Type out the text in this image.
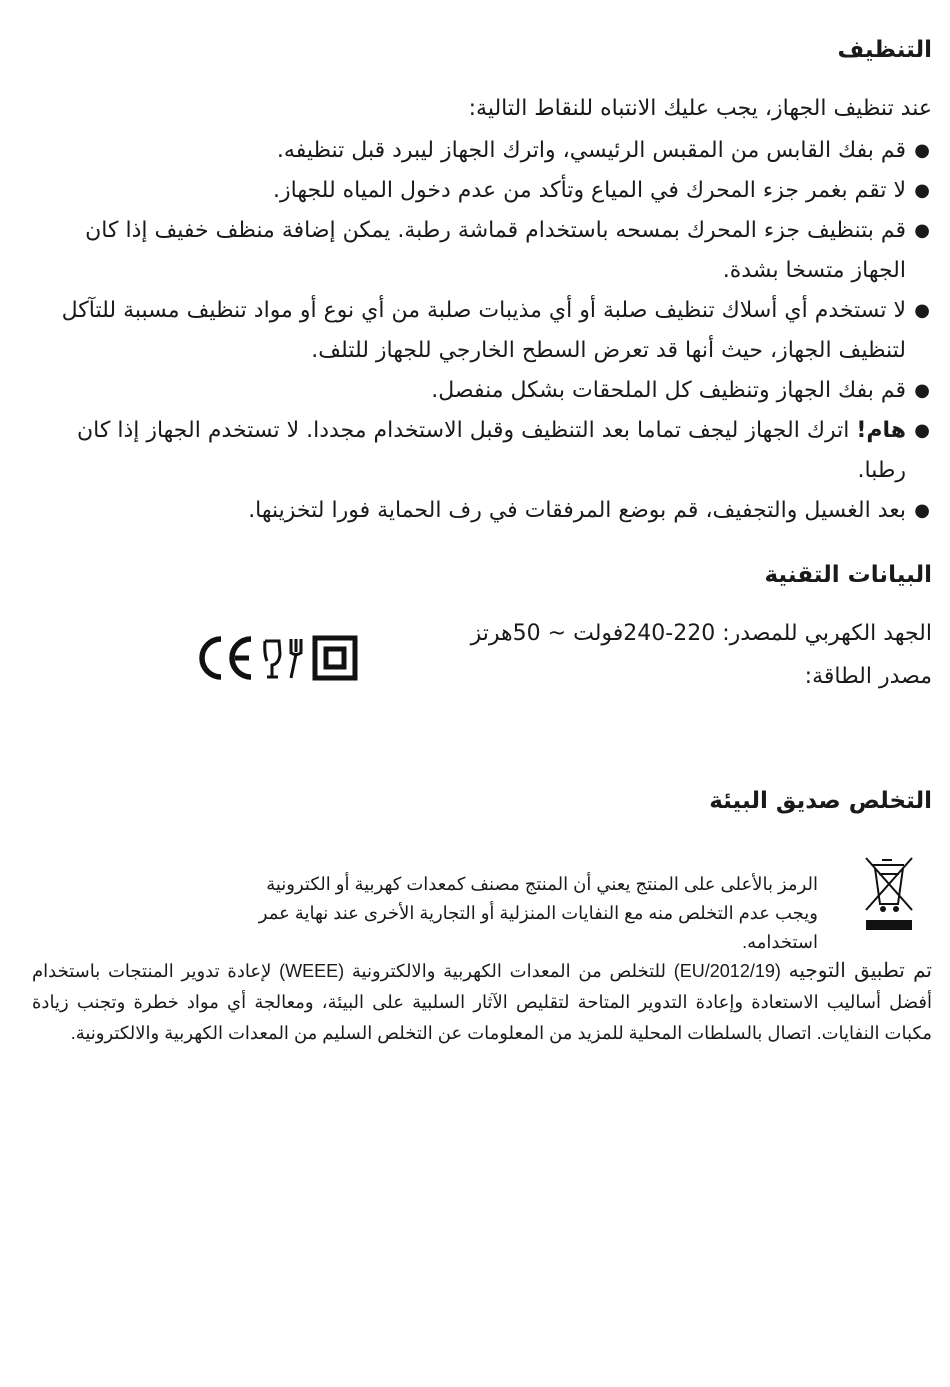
التنظيف

عند تنظيف الجهاز، يجب عليك الانتباه للنقاط التالية:

●
قم بفك القابس من المقبس الرئيسي، واترك الجهاز ليبرد قبل تنظيفه.
●
لا تقم بغمر جزء المحرك في المياع وتأكد من عدم دخول المياه للجهاز.
●
قم بتنظيف جزء المحرك بمسحه باستخدام قماشة رطبة. يمكن إضافة منظف خفيف إذا كان الجهاز متسخا بشدة.
●
لا تستخدم أي أسلاك تنظيف صلبة أو أي مذيبات صلبة من أي نوع أو مواد تنظيف مسببة للتآكل لتنظيف الجهاز، حيث أنها قد تعرض السطح الخارجي للجهاز للتلف.
●
قم بفك الجهاز وتنظيف كل الملحقات بشكل منفصل.
●
هام! اترك الجهاز ليجف تماما بعد التنظيف وقبل الاستخدام مجددا. لا تستخدم الجهاز إذا كان رطبا.
●
بعد الغسيل والتجفيف، قم بوضع المرفقات في رف الحماية فورا لتخزينها.
البيانات التقنية

الجهد الكهربي للمصدر: 220-240فولت ~ 50هرتز

مصدر الطاقة:

التخلص صديق البيئة

الرمز بالأعلى على المنتج يعني أن المنتج مصنف كمعدات كهربية أو الكترونية ويجب عدم التخلص منه مع النفايات المنزلية أو التجارية الأخرى عند نهاية عمر استخدامه.

تم تطبيق التوجيه (2012/19/EU) للتخلص من المعدات الكهربية والالكترونية (WEEE) لإعادة تدوير المنتجات باستخدام أفضل أساليب الاستعادة وإعادة التدوير المتاحة لتقليص الآثار السلبية على البيئة، ومعالجة أي مواد خطرة وتجنب زيادة مكبات النفايات. اتصال بالسلطات المحلية للمزيد من المعلومات عن التخلص السليم من المعدات الكهربية والالكترونية.
